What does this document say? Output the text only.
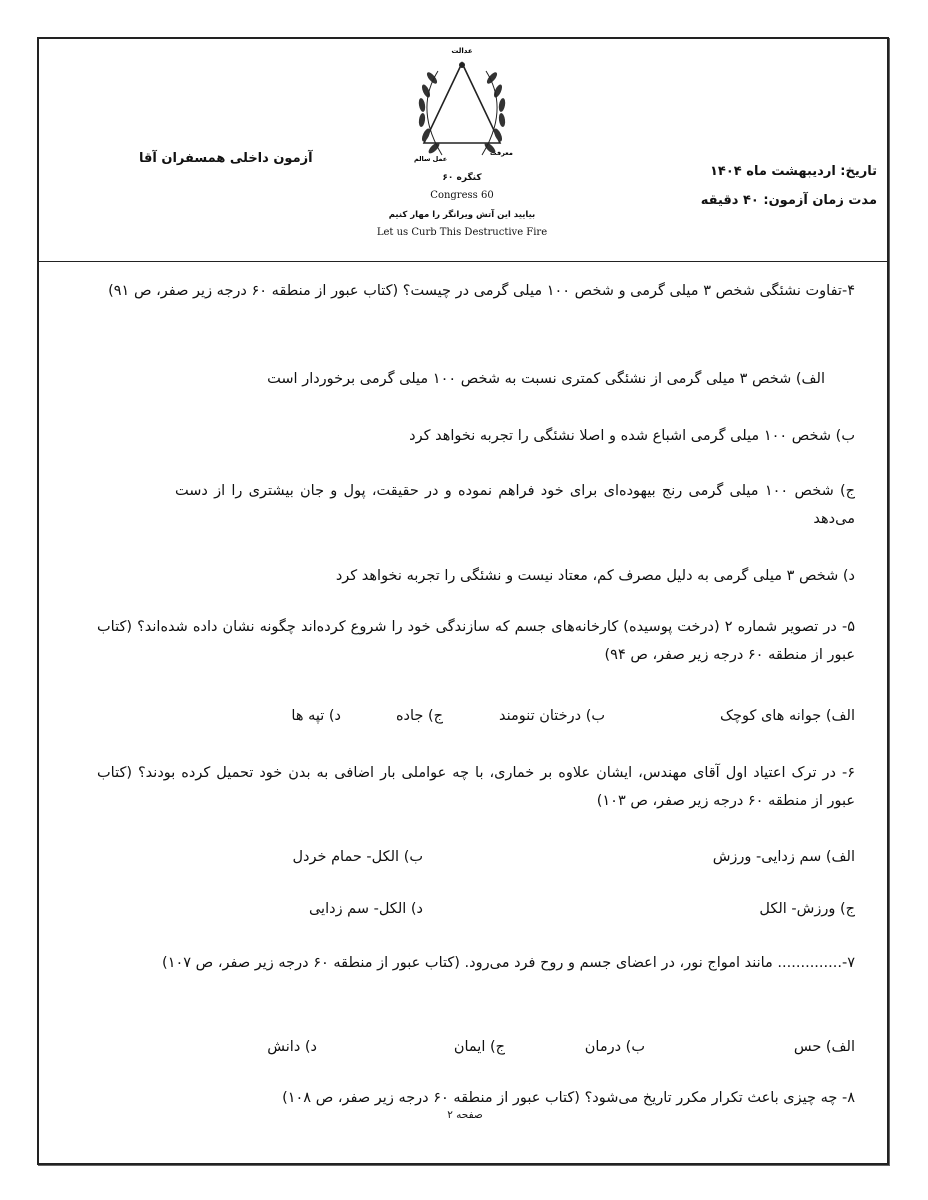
تاریخ: اردیبهشت ماه ۱۴۰۴
مدت زمان آزمون: ۴۰ دقیقه
آزمون داخلی همسفران آقا
عدالت
عمل سالم
معرفت
کنگره ۶۰
Congress 60
بیایید این آتش ویرانگر را مهار کنیم
Let us Curb This Destructive Fire
۴-تفاوت نشئگی شخص ۳ میلی گرمی و شخص ۱۰۰ میلی گرمی در چیست؟ (کتاب عبور از منطقه ۶۰ درجه زیر صفر، ص ۹۱)
الف) شخص ۳ میلی گرمی از نشئگی کمتری نسبت به شخص ۱۰۰ میلی گرمی برخوردار است
ب) شخص ۱۰۰ میلی گرمی اشباع شده و اصلا نشئگی را تجربه نخواهد کرد
ج) شخص ۱۰۰ میلی گرمی رنج بیهوده‌ای برای خود فراهم نموده و در حقیقت، پول و جان بیشتری را از دست می‌دهد
د) شخص ۳ میلی گرمی به دلیل مصرف کم، معتاد نیست و نشئگی را تجربه نخواهد کرد
۵- در تصویر شماره ۲ (درخت پوسیده) کارخانه‌های جسم که سازندگی خود را شروع کرده‌اند چگونه نشان داده شده‌اند؟ (کتاب عبور از منطقه ۶۰ درجه زیر صفر، ص ۹۴)
الف) جوانه های کوچک
ب) درختان تنومند
ج) جاده
د) تپه ها
۶- در ترک اعتیاد اول آقای مهندس، ایشان علاوه بر خماری، با چه عواملی بار اضافی به بدن خود تحمیل کرده بودند؟ (کتاب عبور از منطقه ۶۰ درجه زیر صفر، ص ۱۰۳)
الف) سم زدایی- ورزش
ب) الکل- حمام خردل
ج) ورزش- الکل
د) الکل- سم زدایی
۷-.............. مانند امواج نور، در اعضای جسم و روح فرد می‌رود. (کتاب عبور از منطقه ۶۰ درجه زیر صفر، ص ۱۰۷)
الف) حس
ب) درمان
ج) ایمان
د) دانش
۸- چه چیزی باعث تکرار مکرر تاریخ می‌شود؟ (کتاب عبور از منطقه ۶۰ درجه زیر صفر، ص ۱۰۸)
صفحه ۲
